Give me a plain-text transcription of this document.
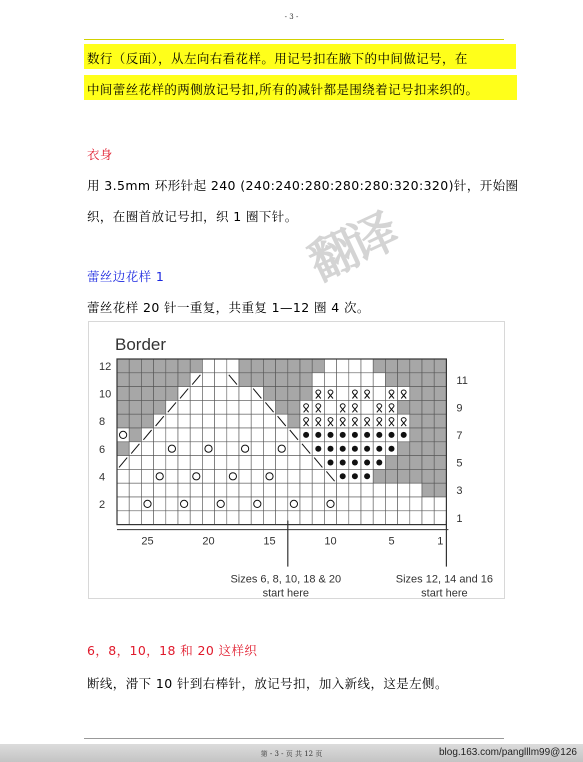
- 3 -
数行（反面），从左向右看花样。用记号扣在腋下的中间做记号，在
中间蕾丝花样的两侧放记号扣,所有的减针都是围绕着记号扣来织的。
衣身
用 3.5mm 环形针起 240 (240:240:280:280:280:320:320)针，开始圈
织，在圈首放记号扣，织 1 圈下针。
蕾丝边花样 1
蕾丝花样 20 针一重复，共重复 1—12 圈 4 次。
Border
12
10
8
6
4
2
11
9
7
5
3
1
25	20	15	10	5	1
Sizes 6, 8, 10, 18 & 20
start here
Sizes 12, 14 and 16
start here
翻译
第 - 3 - 页 共 12 页	blog.163.com/panglllm99@126
6，8，10，18 和 20 这样织
断线，滑下 10 针到右棒针，放记号扣，加入新线，这是左侧。
